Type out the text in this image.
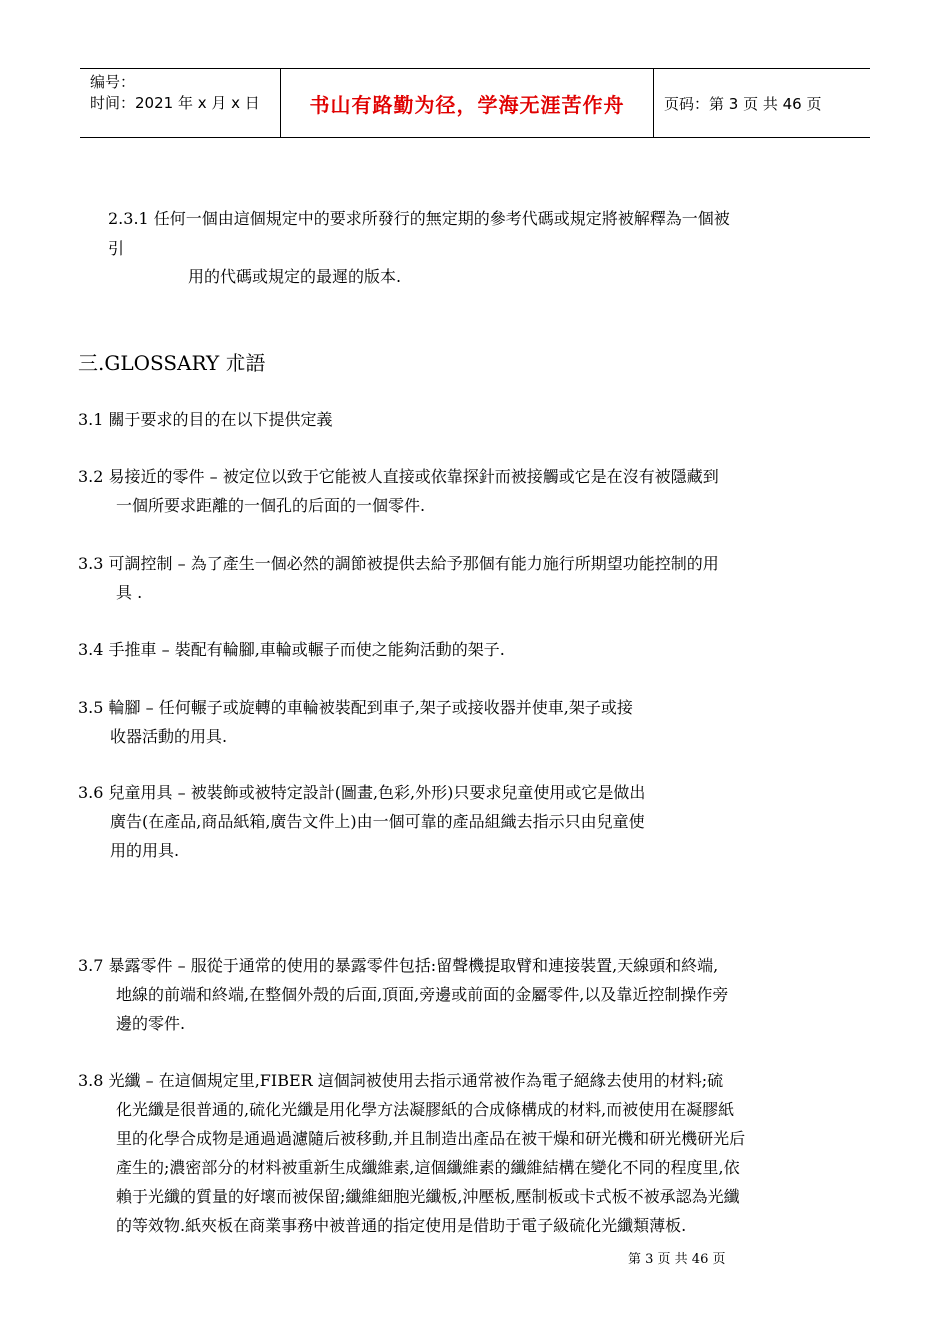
编号：
时间：2021 年 x 月 x 日	书山有路勤为径，学海无涯苦作舟	页码：第 3 页 共 46 页
2.3.1 任何一個由這個規定中的要求所發行的無定期的參考代碼或規定將被解釋為一個被
引
用的代碼或規定的最遲的版本.
三.GLOSSARY 朮語
3.1 關于要求的目的在以下提供定義
3.2 易接近的零件 – 被定位以致于它能被人直接或依靠探針而被接觸或它是在沒有被隱藏到
一個所要求距離的一個孔的后面的一個零件.
3.3 可調控制 – 為了產生一個必然的調節被提供去給予那個有能力施行所期望功能控制的用
具 .
3.4 手推車 – 裝配有輪腳,車輪或輾子而使之能夠活動的架子.
3.5 輪腳 – 任何輾子或旋轉的車輪被裝配到車子,架子或接收器并使車,架子或接
收器活動的用具.
3.6 兒童用具 – 被裝飾或被特定設計(圖畫,色彩,外形)只要求兒童使用或它是做出
廣告(在產品,商品紙箱,廣告文件上)由一個可靠的產品組織去指示只由兒童使
用的用具.
3.7 暴露零件 – 服從于通常的使用的暴露零件包括:留聲機提取臂和連接裝置,天線頭和終端,
地線的前端和終端,在整個外殼的后面,頂面,旁邊或前面的金屬零件,以及靠近控制操作旁
邊的零件.
3.8 光纖 – 在這個規定里,FIBER 這個詞被使用去指示通常被作為電子絕緣去使用的材料;硫
化光纖是很普通的,硫化光纖是用化學方法凝膠紙的合成條構成的材料,而被使用在凝膠紙
里的化學合成物是通過過濾隨后被移動,并且制造出產品在被干燥和研光機和研光機研光后
產生的;濃密部分的材料被重新生成纖維素,這個纖維素的纖維結構在變化不同的程度里,依
賴于光纖的質量的好壞而被保留;纖維細胞光纖板,沖壓板,壓制板或卡式板不被承認為光纖
的等效物.紙夾板在商業事務中被普通的指定使用是借助于電子級硫化光纖類薄板.
第 3 页 共 46 页
